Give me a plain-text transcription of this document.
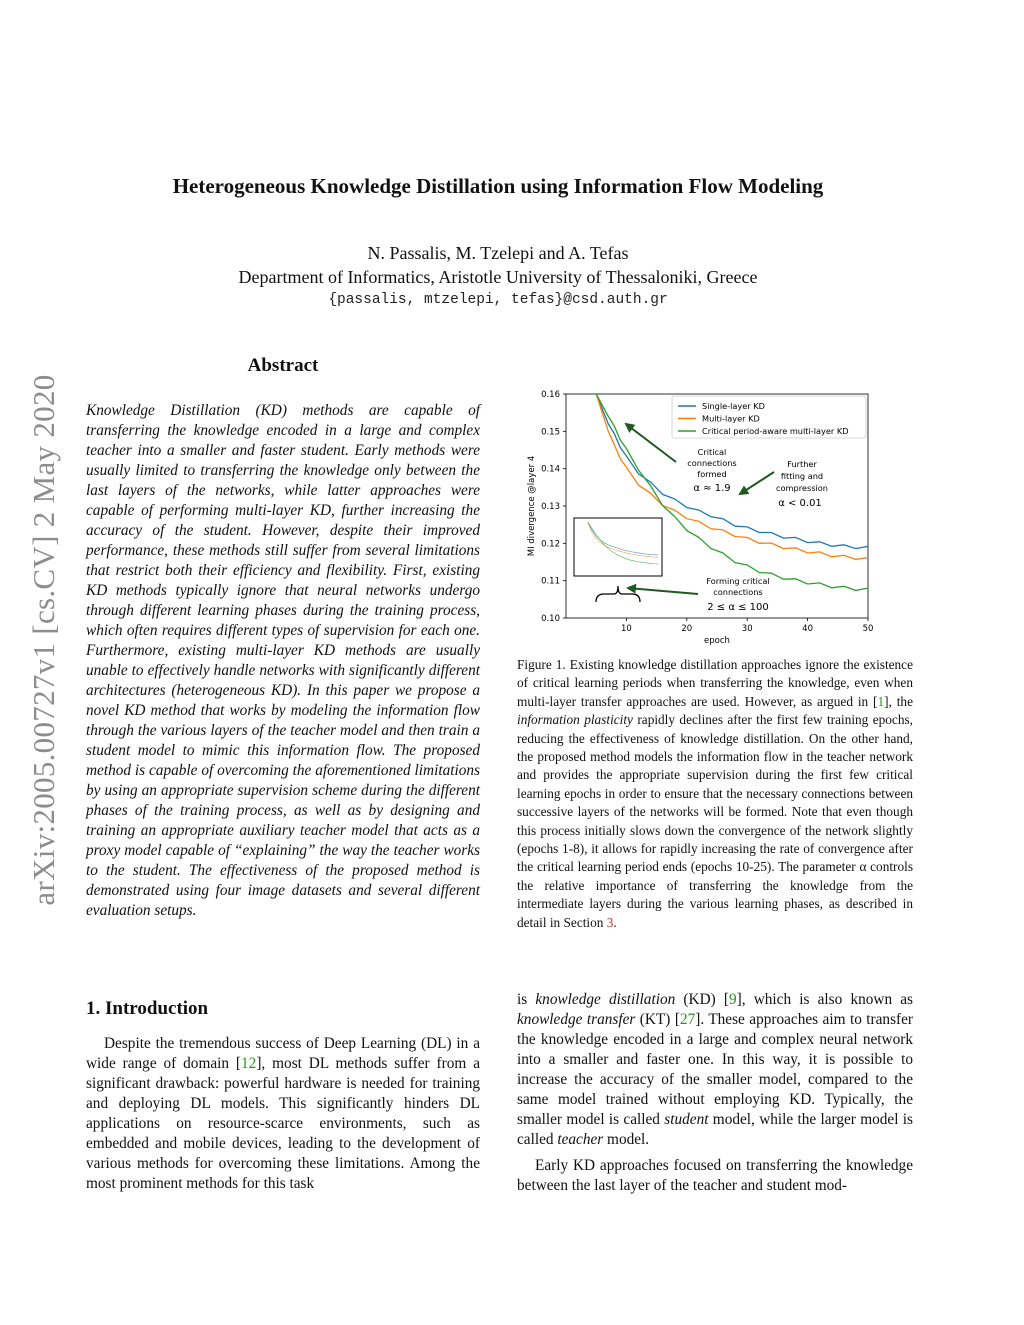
arXiv:2005.00727v1 [cs.CV] 2 May 2020
Heterogeneous Knowledge Distillation using Information Flow Modeling
N. Passalis, M. Tzelepi and A. Tefas
Department of Informatics, Aristotle University of Thessaloniki, Greece
{passalis, mtzelepi, tefas}@csd.auth.gr
Abstract

Knowledge Distillation (KD) methods are capable of transferring the knowledge encoded in a large and complex teacher into a smaller and faster student. Early methods were usually limited to transferring the knowledge only between the last layers of the networks, while latter approaches were capable of performing multi-layer KD, further increasing the accuracy of the student. However, despite their improved performance, these methods still suffer from several limitations that restrict both their efficiency and flexibility. First, existing KD methods typically ignore that neural networks undergo through different learning phases during the training process, which often requires different types of supervision for each one. Furthermore, existing multi-layer KD methods are usually unable to effectively handle networks with significantly different architectures (heterogeneous KD). In this paper we propose a novel KD method that works by modeling the information flow through the various layers of the teacher model and then train a student model to mimic this information flow. The proposed method is capable of overcoming the aforementioned limitations by using an appropriate supervision scheme during the different phases of the training process, as well as by designing and training an appropriate auxiliary teacher model that acts as a proxy model capable of “explaining” the way the teacher works to the student. The effectiveness of the proposed method is demonstrated using four image datasets and several different evaluation setups.

1. Introduction

Despite the tremendous success of Deep Learning (DL) in a wide range of domain [12], most DL methods suffer from a significant drawback: powerful hardware is needed for training and deploying DL models. This significantly hinders DL applications on resource-scarce environments, such as embedded and mobile devices, leading to the development of various methods for overcoming these limitations. Among the most prominent methods for this task

0.10
0.11
0.12
0.13
0.14
0.15
0.16
10	20	30	40	50
epoch
MI divergence @layer 4
Single-layer KD
Multi-layer KD
Critical period-aware multi-layer KD
Critical
connections
formed
α ≈ 1.9
Further
fitting and
compression
α < 0.01
Forming critical
connections
2 ≤ α ≤ 100

Figure 1. Existing knowledge distillation approaches ignore the existence of critical learning periods when transferring the knowledge, even when multi-layer transfer approaches are used. However, as argued in [1], the information plasticity rapidly declines after the first few training epochs, reducing the effectiveness of knowledge distillation. On the other hand, the proposed method models the information flow in the teacher network and provides the appropriate supervision during the first few critical learning epochs in order to ensure that the necessary connections between successive layers of the networks will be formed. Note that even though this process initially slows down the convergence of the network slightly (epochs 1-8), it allows for rapidly increasing the rate of convergence after the critical learning period ends (epochs 10-25). The parameter α controls the relative importance of transferring the knowledge from the intermediate layers during the various learning phases, as described in detail in Section 3.

is knowledge distillation (KD) [9], which is also known as knowledge transfer (KT) [27]. These approaches aim to transfer the knowledge encoded in a large and complex neural network into a smaller and faster one. In this way, it is possible to increase the accuracy of the smaller model, compared to the same model trained without employing KD. Typically, the smaller model is called student model, while the larger model is called teacher model.

Early KD approaches focused on transferring the knowledge between the last layer of the teacher and student mod-
